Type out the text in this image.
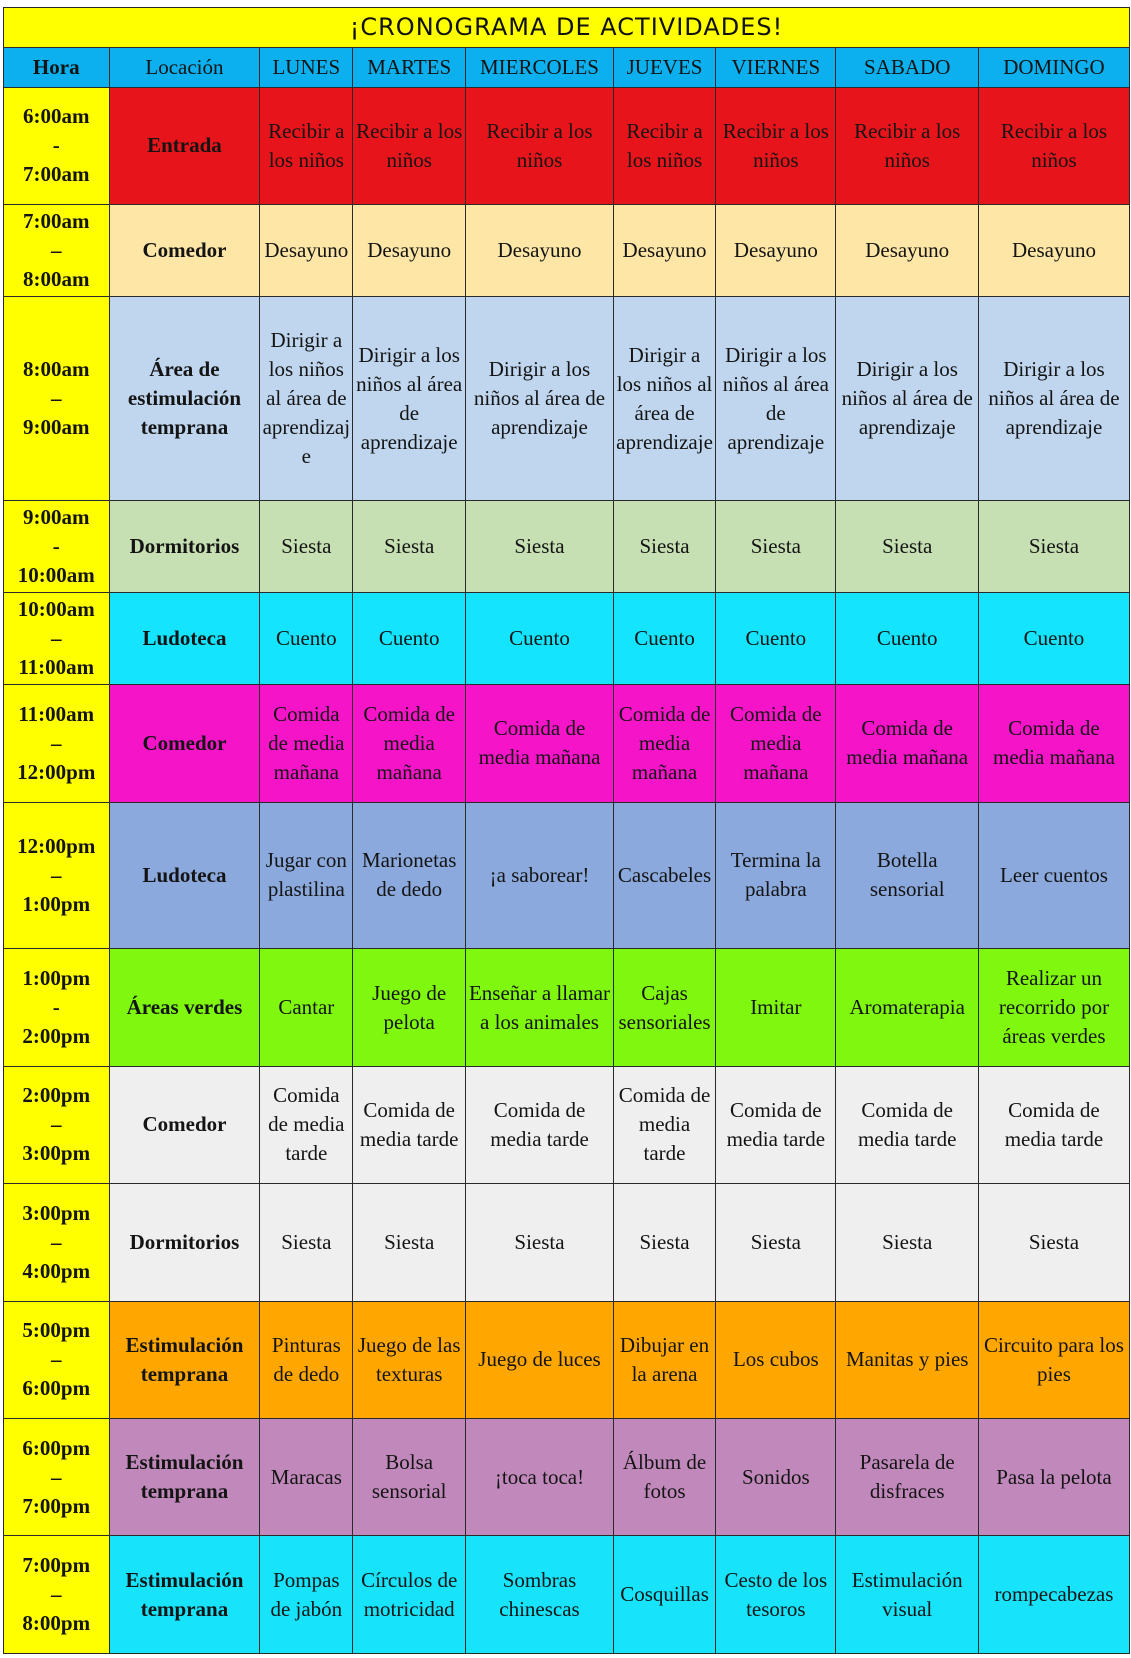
¡CRONOGRAMA DE ACTIVIDADES!								
Hora	Locación	LUNES	MARTES	MIERCOLES	JUEVES	VIERNES	SABADO	DOMINGO

6:00am
-
7:00am	Entrada	Recibir a los niños	Recibir a los niños	Recibir a los niños	Recibir a los niños	Recibir a los niños	Recibir a los niños	Recibir a los niños

7:00am
–
8:00am	Comedor	Desayuno	Desayuno	Desayuno	Desayuno	Desayuno	Desayuno	Desayuno

8:00am
–
9:00am	Área de estimulación temprana	Dirigir a los niños al área de aprendizaje	Dirigir a los niños al área de aprendizaje	Dirigir a los niños al área de aprendizaje	Dirigir a los niños al área de aprendizaje	Dirigir a los niños al área de aprendizaje	Dirigir a los niños al área de aprendizaje	Dirigir a los niños al área de aprendizaje

9:00am
-
10:00am	Dormitorios	Siesta	Siesta	Siesta	Siesta	Siesta	Siesta	Siesta

10:00am
–
11:00am	Ludoteca	Cuento	Cuento	Cuento	Cuento	Cuento	Cuento	Cuento

11:00am
–
12:00pm	Comedor	Comida de media mañana	Comida de media mañana	Comida de media mañana	Comida de media mañana	Comida de media mañana	Comida de media mañana	Comida de media mañana

12:00pm
–
1:00pm	Ludoteca	Jugar con plastilina	Marionetas de dedo	¡a saborear!	Cascabeles	Termina la palabra	Botella sensorial	Leer cuentos

1:00pm
-
2:00pm	Áreas verdes	Cantar	Juego de pelota	Enseñar a llamar a los animales	Cajas sensoriales	Imitar	Aromaterapia	Realizar un recorrido por áreas verdes

2:00pm
–
3:00pm	Comedor	Comida de media tarde	Comida de media tarde	Comida de media tarde	Comida de media tarde	Comida de media tarde	Comida de media tarde	Comida de media tarde

3:00pm
–
4:00pm	Dormitorios	Siesta	Siesta	Siesta	Siesta	Siesta	Siesta	Siesta

5:00pm
–
6:00pm	Estimulación temprana	Pinturas de dedo	Juego de las texturas	Juego de luces	Dibujar en la arena	Los cubos	Manitas y pies	Circuito para los pies

6:00pm
–
7:00pm	Estimulación temprana	Maracas	Bolsa sensorial	¡toca toca!	Álbum de fotos	Sonidos	Pasarela de disfraces	Pasa la pelota

7:00pm
–
8:00pm	Estimulación temprana	Pompas de jabón	Círculos de motricidad	Sombras chinescas	Cosquillas	Cesto de los tesoros	Estimulación visual	rompecabezas
